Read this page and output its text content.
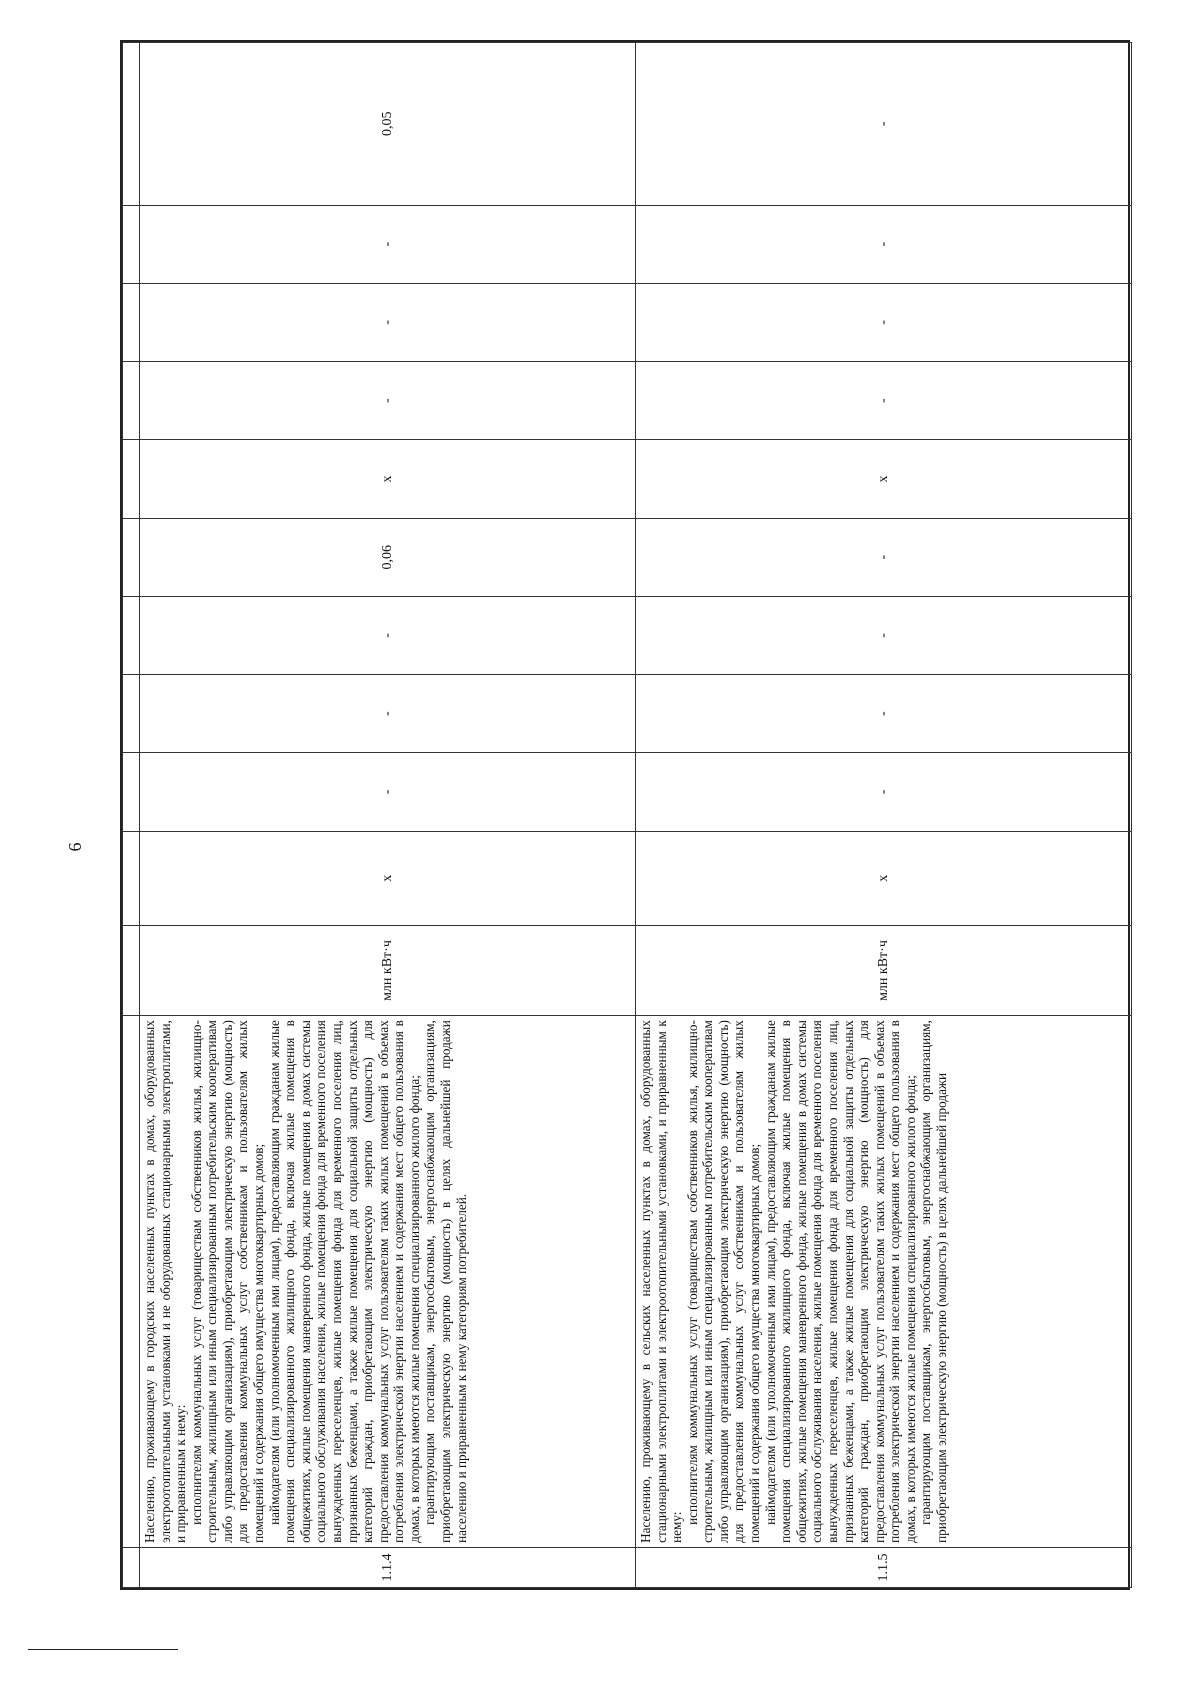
6

1.1.4	Населению, проживающему в городских населенных пунктах в домах, оборудованных электроотопительными установками и не оборудованных стационарными электроплитами, и приравненным к нему: исполнителям коммунальных услуг (товариществам собственников жилья, жилищно-строительным, жилищным или иным специализированным потребительским кооперативам либо управляющим организациям), приобретающим электрическую энергию (мощность) для предоставления коммунальных услуг собственникам и пользователям жилых помещений и содержания общего имущества многоквартирных домов; наймодателям (или уполномоченным ими лицам), предоставляющим гражданам жилые помещения специализированного жилищного фонда, включая жилые помещения в общежитиях, жилые помещения маневренного фонда, жилые помещения в домах системы социального обслуживания населения, жилые помещения фонда для временного поселения вынужденных переселенцев, жилые помещения фонда для временного поселения лиц, признанных беженцами, а также жилые помещения для социальной защиты отдельных категорий граждан, приобретающим электрическую энергию (мощность) для предоставления коммунальных услуг пользователям таких жилых помещений в объемах потребления электрической энергии населением и содержания мест общего пользования в домах, в которых имеются жилые помещения специализированного жилого фонда; гарантирующим поставщикам, энергосбытовым, энергоснабжающим организациям, приобретающим электрическую энергию (мощность) в целях дальнейшей продажи населению и приравненным к нему категориям потребителей.	млн кВт·ч	х	-	-	-	0,06	х	-	-	-	0,05
1.1.5	Населению, проживающему в сельских населенных пунктах в домах, оборудованных стационарными электроплитами и электроотопительными установками, и приравненным к нему:

исполнителям коммунальных услуг (товариществам собственников жилья, жилищно-строительным, жилищным или иным специализированным потребительским кооперативам либо управляющим организациям), приобретающим электрическую энергию (мощность) для предоставления коммунальных услуг собственникам и пользователям жилых помещений и содержания общего имущества многоквартирных домов; наймодателям (или уполномоченным ими лицам), предоставляющим гражданам жилые помещения специализированного жилищного фонда, включая жилые помещения в общежитиях, жилые помещения маневренного фонда, жилые помещения в домах системы социального обслуживания населения, жилые помещения фонда для временного поселения вынужденных переселенцев, жилые помещения фонда для временного поселения лиц, признанных беженцами, а также жилые помещения для социальной защиты отдельных категорий граждан, приобретающим электрическую энергию (мощность) для предоставления коммунальных услуг пользователям таких жилых помещений в объемах потребления электрической энергии населением и содержания мест общего пользования в домах, в которых имеются жилые помещения специализированного жилого фонда; гарантирующим поставщикам, энергосбытовым, энергоснабжающим организациям, приобретающим электрическую энергию (мощность) в целях дальнейшей продажи	млн кВт·ч	х	-	-	-	-	х	-	-	-	-
